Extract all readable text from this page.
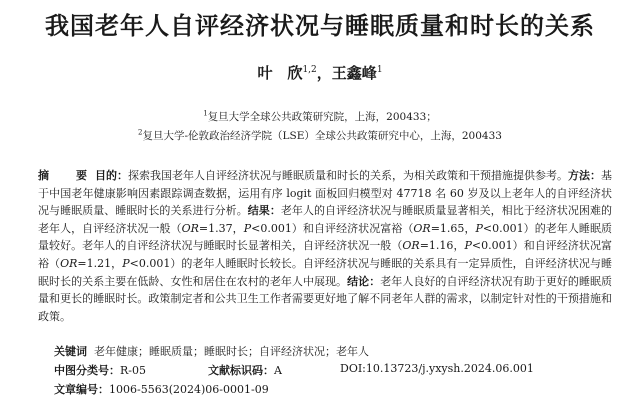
我国老年人自评经济状况与睡眠质量和时长的关系
叶　欣$^{1,2}$，王鑫峰$^1$
$^1$复旦大学全球公共政策研究院，上海，200433；
$^2$复旦大学-伦敦政治经济学院（LSE）全球公共政策研究中心，上海，200433

摘　要目的：探索我国老年人自评经济状况与睡眠质量和时长的关系，为相关政策和干预措施提供参考。方法：基于中国老年健康影响因素跟踪调查数据，运用有序 logit 面板回归模型对 47718 名 60 岁及以上老年人的自评经济状况与睡眠质量、睡眠时长的关系进行分析。结果：老年人的自评经济状况与睡眠质量显著相关，相比于经济状况困难的老年人，自评经济状况一般（OR=1.37，P<0.001）和自评经济状况富裕（OR=1.65，P<0.001）的老年人睡眠质量较好。老年人的自评经济状况与睡眠时长显著相关，自评经济状况一般（OR=1.16，P<0.001）和自评经济状况富裕（OR=1.21，P<0.001）的老年人睡眠时长较长。自评经济状况与睡眠的关系具有一定异质性，自评经济状况与睡眠时长的关系主要在低龄、女性和居住在农村的老年人中展现。结论：老年人良好的自评经济状况有助于更好的睡眠质量和更长的睡眠时长。政策制定者和公共卫生工作者需要更好地了解不同老年人群的需求，以制定针对性的干预措施和政策。

关键词 老年健康；睡眠质量；睡眠时长；自评经济状况；老年人
中图分类号：R-05	文献标识码：A	DOI:10.13723/j.yxysh.2024.06.001
文章编号：1006-5563(2024)06-0001-09
